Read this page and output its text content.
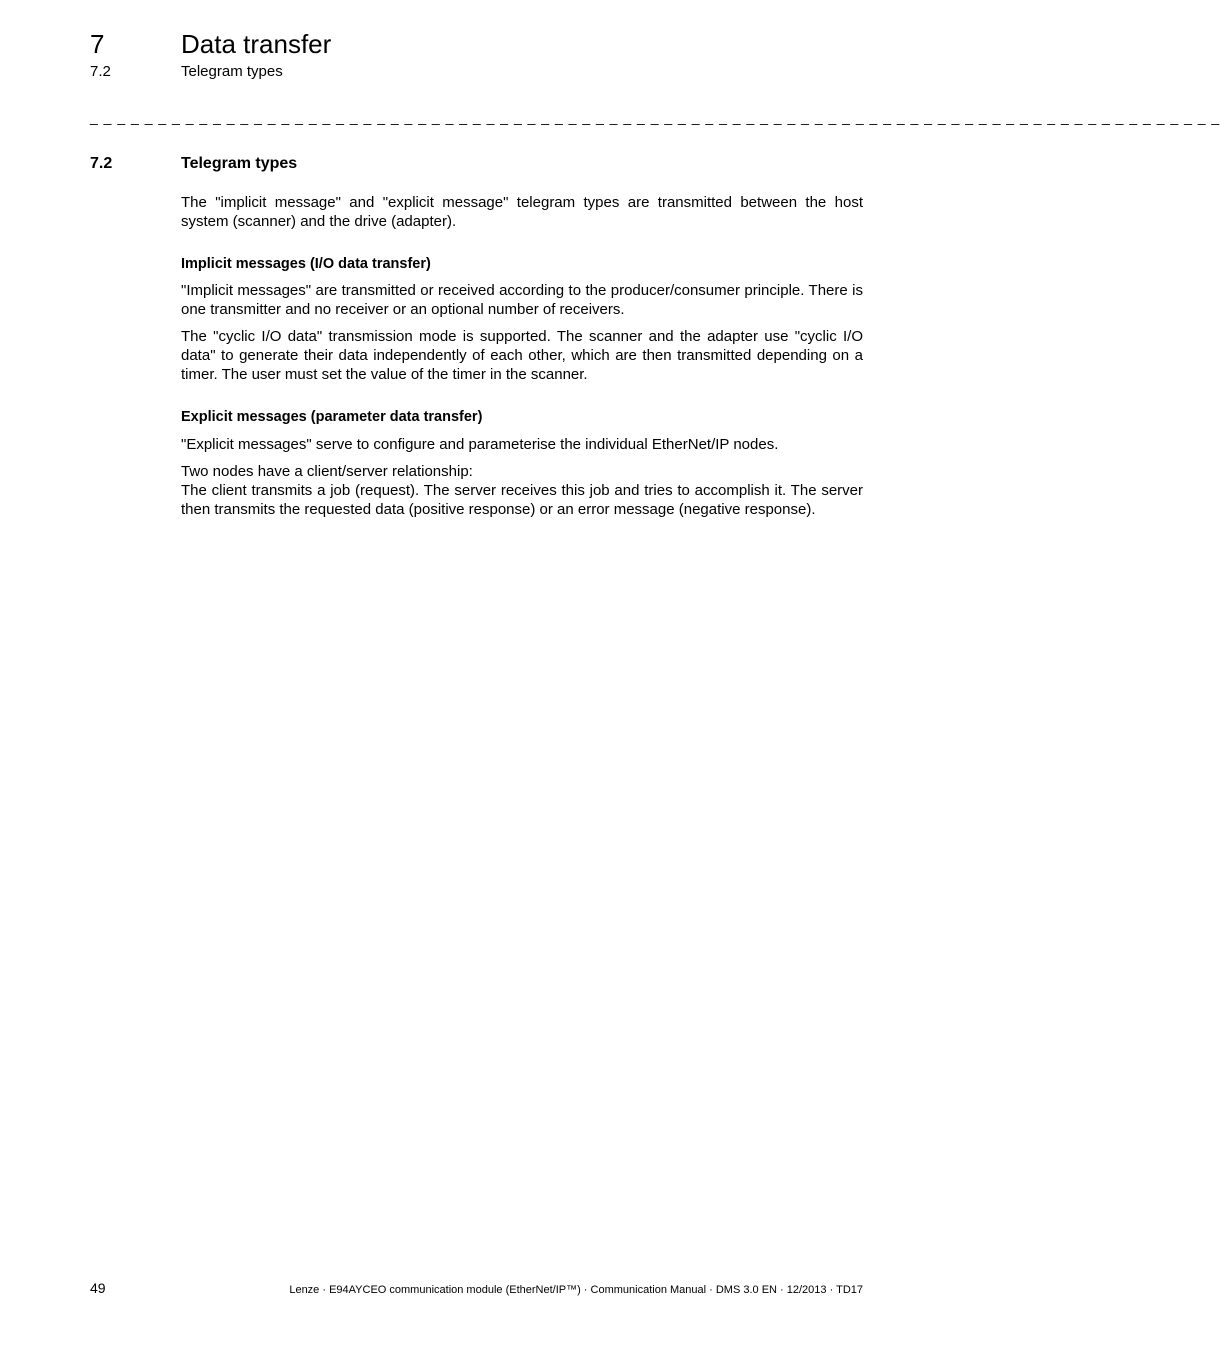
7	Data transfer
7.2	Telegram types
_ _ _ _ _ _ _ _ _ _ _ _ _ _ _ _ _ _ _ _ _ _ _ _ _ _ _ _ _ _ _ _ _ _ _ _ _ _ _ _ _ _ _ _ _ _ _ _ _ _ _ _ _ _ _ _ _ _ _ _ _ _ _ _ _ _ _ _ _ _ _ _ _ _ _ _ _ _ _ _ _ _ _
7.2	Telegram types

The "implicit message" and "explicit message" telegram types are transmitted between the host system (scanner) and the drive (adapter).

Implicit messages (I/O data transfer)

"Implicit messages" are transmitted or received according to the producer/consumer principle. There is one transmitter and no receiver or an optional number of receivers.

The "cyclic I/O data" transmission mode is supported. The scanner and the adapter use "cyclic I/O data" to generate their data independently of each other, which are then transmitted depending on a timer. The user must set the value of the timer in the scanner.

Explicit messages (parameter data transfer)

"Explicit messages" serve to configure and parameterise the individual EtherNet/IP nodes.

Two nodes have a client/server relationship:

The client transmits a job (request). The server receives this job and tries to accomplish it. The server then transmits the requested data (positive response) or an error message (negative response).

49	Lenze · E94AYCEO communication module (EtherNet/IP™) · Communication Manual · DMS 3.0 EN · 12/2013 · TD17
